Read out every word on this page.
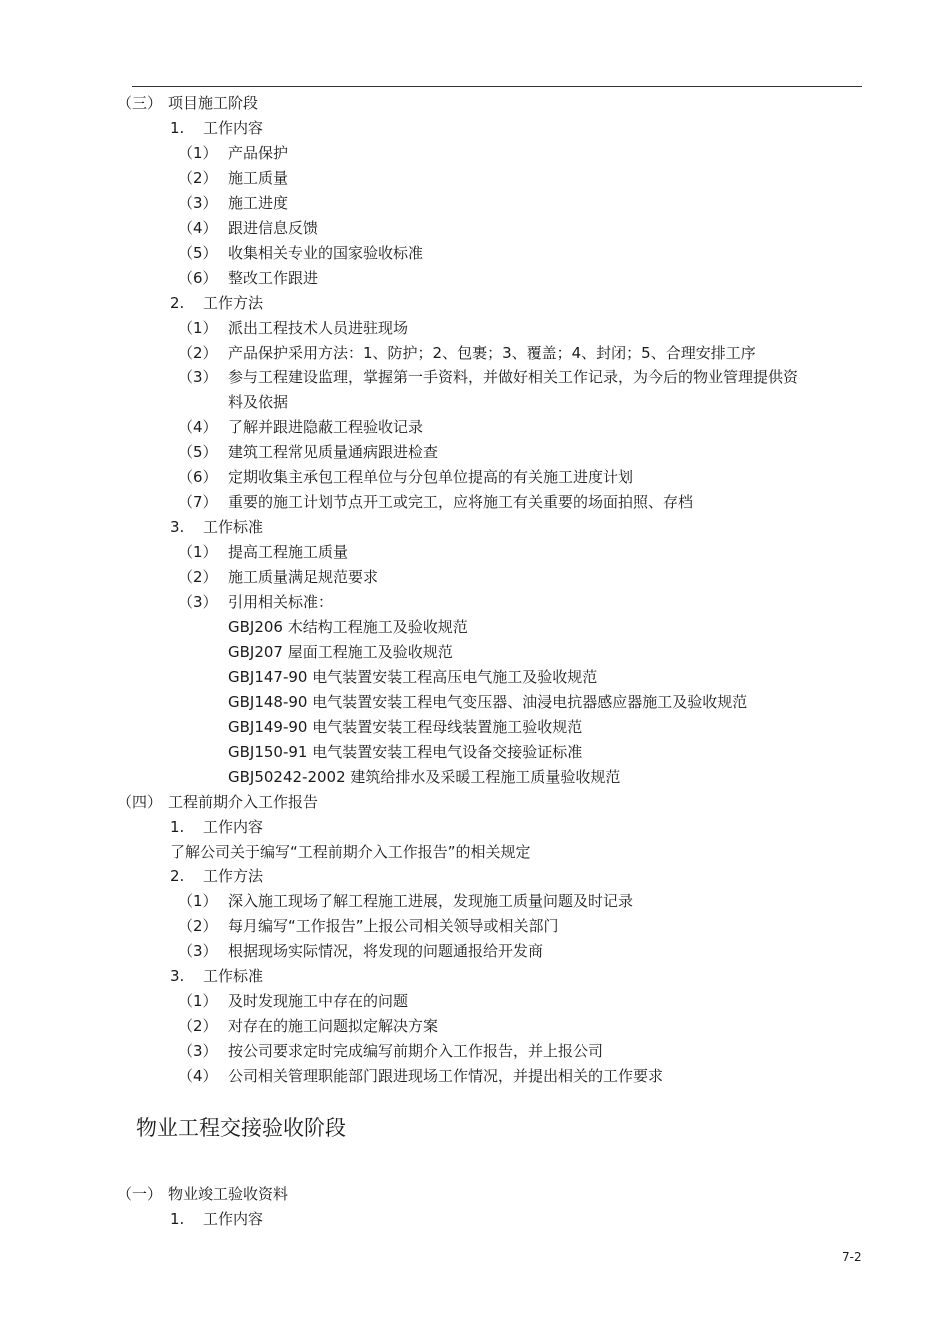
（三） 项目施工阶段
1. 工作内容
（1） 产品保护
（2） 施工质量
（3） 施工进度
（4） 跟进信息反馈
（5） 收集相关专业的国家验收标准
（6） 整改工作跟进
2. 工作方法
（1） 派出工程技术人员进驻现场
（2） 产品保护采用方法：1、防护；2、包裹；3、覆盖；4、封闭；5、合理安排工序
（3） 参与工程建设监理，掌握第一手资料，并做好相关工作记录，为今后的物业管理提供资
料及依据
（4） 了解并跟进隐蔽工程验收记录
（5） 建筑工程常见质量通病跟进检查
（6） 定期收集主承包工程单位与分包单位提高的有关施工进度计划
（7） 重要的施工计划节点开工或完工，应将施工有关重要的场面拍照、存档
3. 工作标准
（1） 提高工程施工质量
（2） 施工质量满足规范要求
（3） 引用相关标准：
GBJ206 木结构工程施工及验收规范
GBJ207 屋面工程施工及验收规范
GBJ147-90 电气装置安装工程高压电气施工及验收规范
GBJ148-90 电气装置安装工程电气变压器、油浸电抗器感应器施工及验收规范
GBJ149-90 电气装置安装工程母线装置施工验收规范
GBJ150-91 电气装置安装工程电气设备交接验证标准
GBJ50242-2002 建筑给排水及采暖工程施工质量验收规范
（四） 工程前期介入工作报告
1. 工作内容
了解公司关于编写“工程前期介入工作报告”的相关规定
2. 工作方法
（1） 深入施工现场了解工程施工进展，发现施工质量问题及时记录
（2） 每月编写“工作报告”上报公司相关领导或相关部门
（3） 根据现场实际情况，将发现的问题通报给开发商
3. 工作标准
（1） 及时发现施工中存在的问题
（2） 对存在的施工问题拟定解决方案
（3） 按公司要求定时完成编写前期介入工作报告，并上报公司
（4） 公司相关管理职能部门跟进现场工作情况，并提出相关的工作要求
（一） 物业竣工验收资料
1. 工作内容
物业工程交接验收阶段
7-2
